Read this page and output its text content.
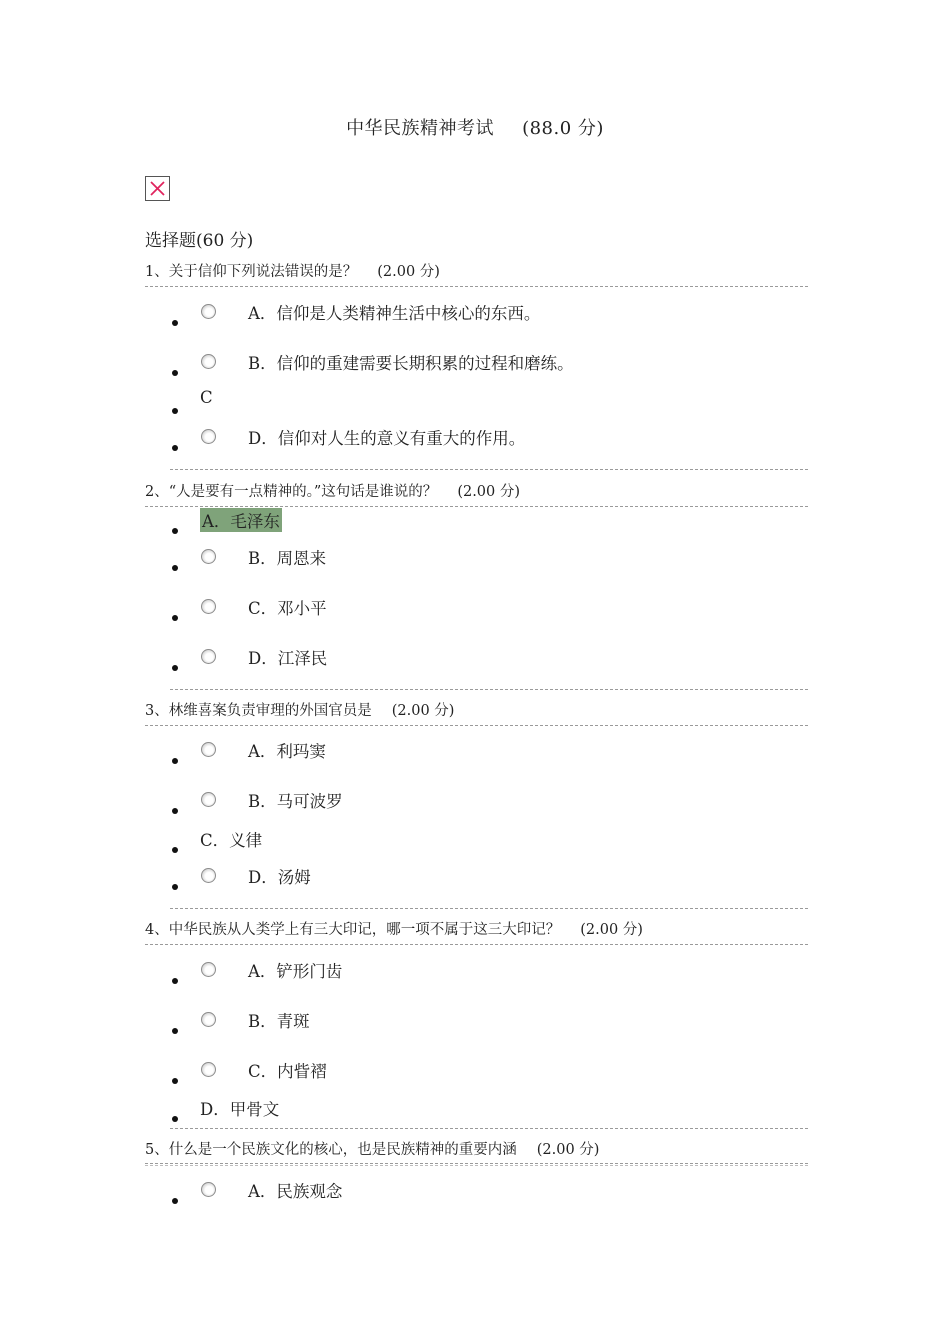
中华民族精神考试 (88.0 分)
选择题(60 分)
1、关于信仰下列说法错误的是？ (2.00 分)
A．信仰是人类精神生活中核心的东西。
B．信仰的重建需要长期积累的过程和磨练。
C
D．信仰对人生的意义有重大的作用。
2、“人是要有一点精神的。”这句话是谁说的？ (2.00 分)
A．毛泽东
B．周恩来
C．邓小平
D．江泽民
3、林维喜案负责审理的外国官员是 (2.00 分)
A．利玛窦
B．马可波罗
C．义律
D．汤姆
4、中华民族从人类学上有三大印记，哪一项不属于这三大印记？ (2.00 分)
A．铲形门齿
B．青斑
C．内眥褶
D．甲骨文
5、什么是一个民族文化的核心，也是民族精神的重要内涵 (2.00 分)
A．民族观念
